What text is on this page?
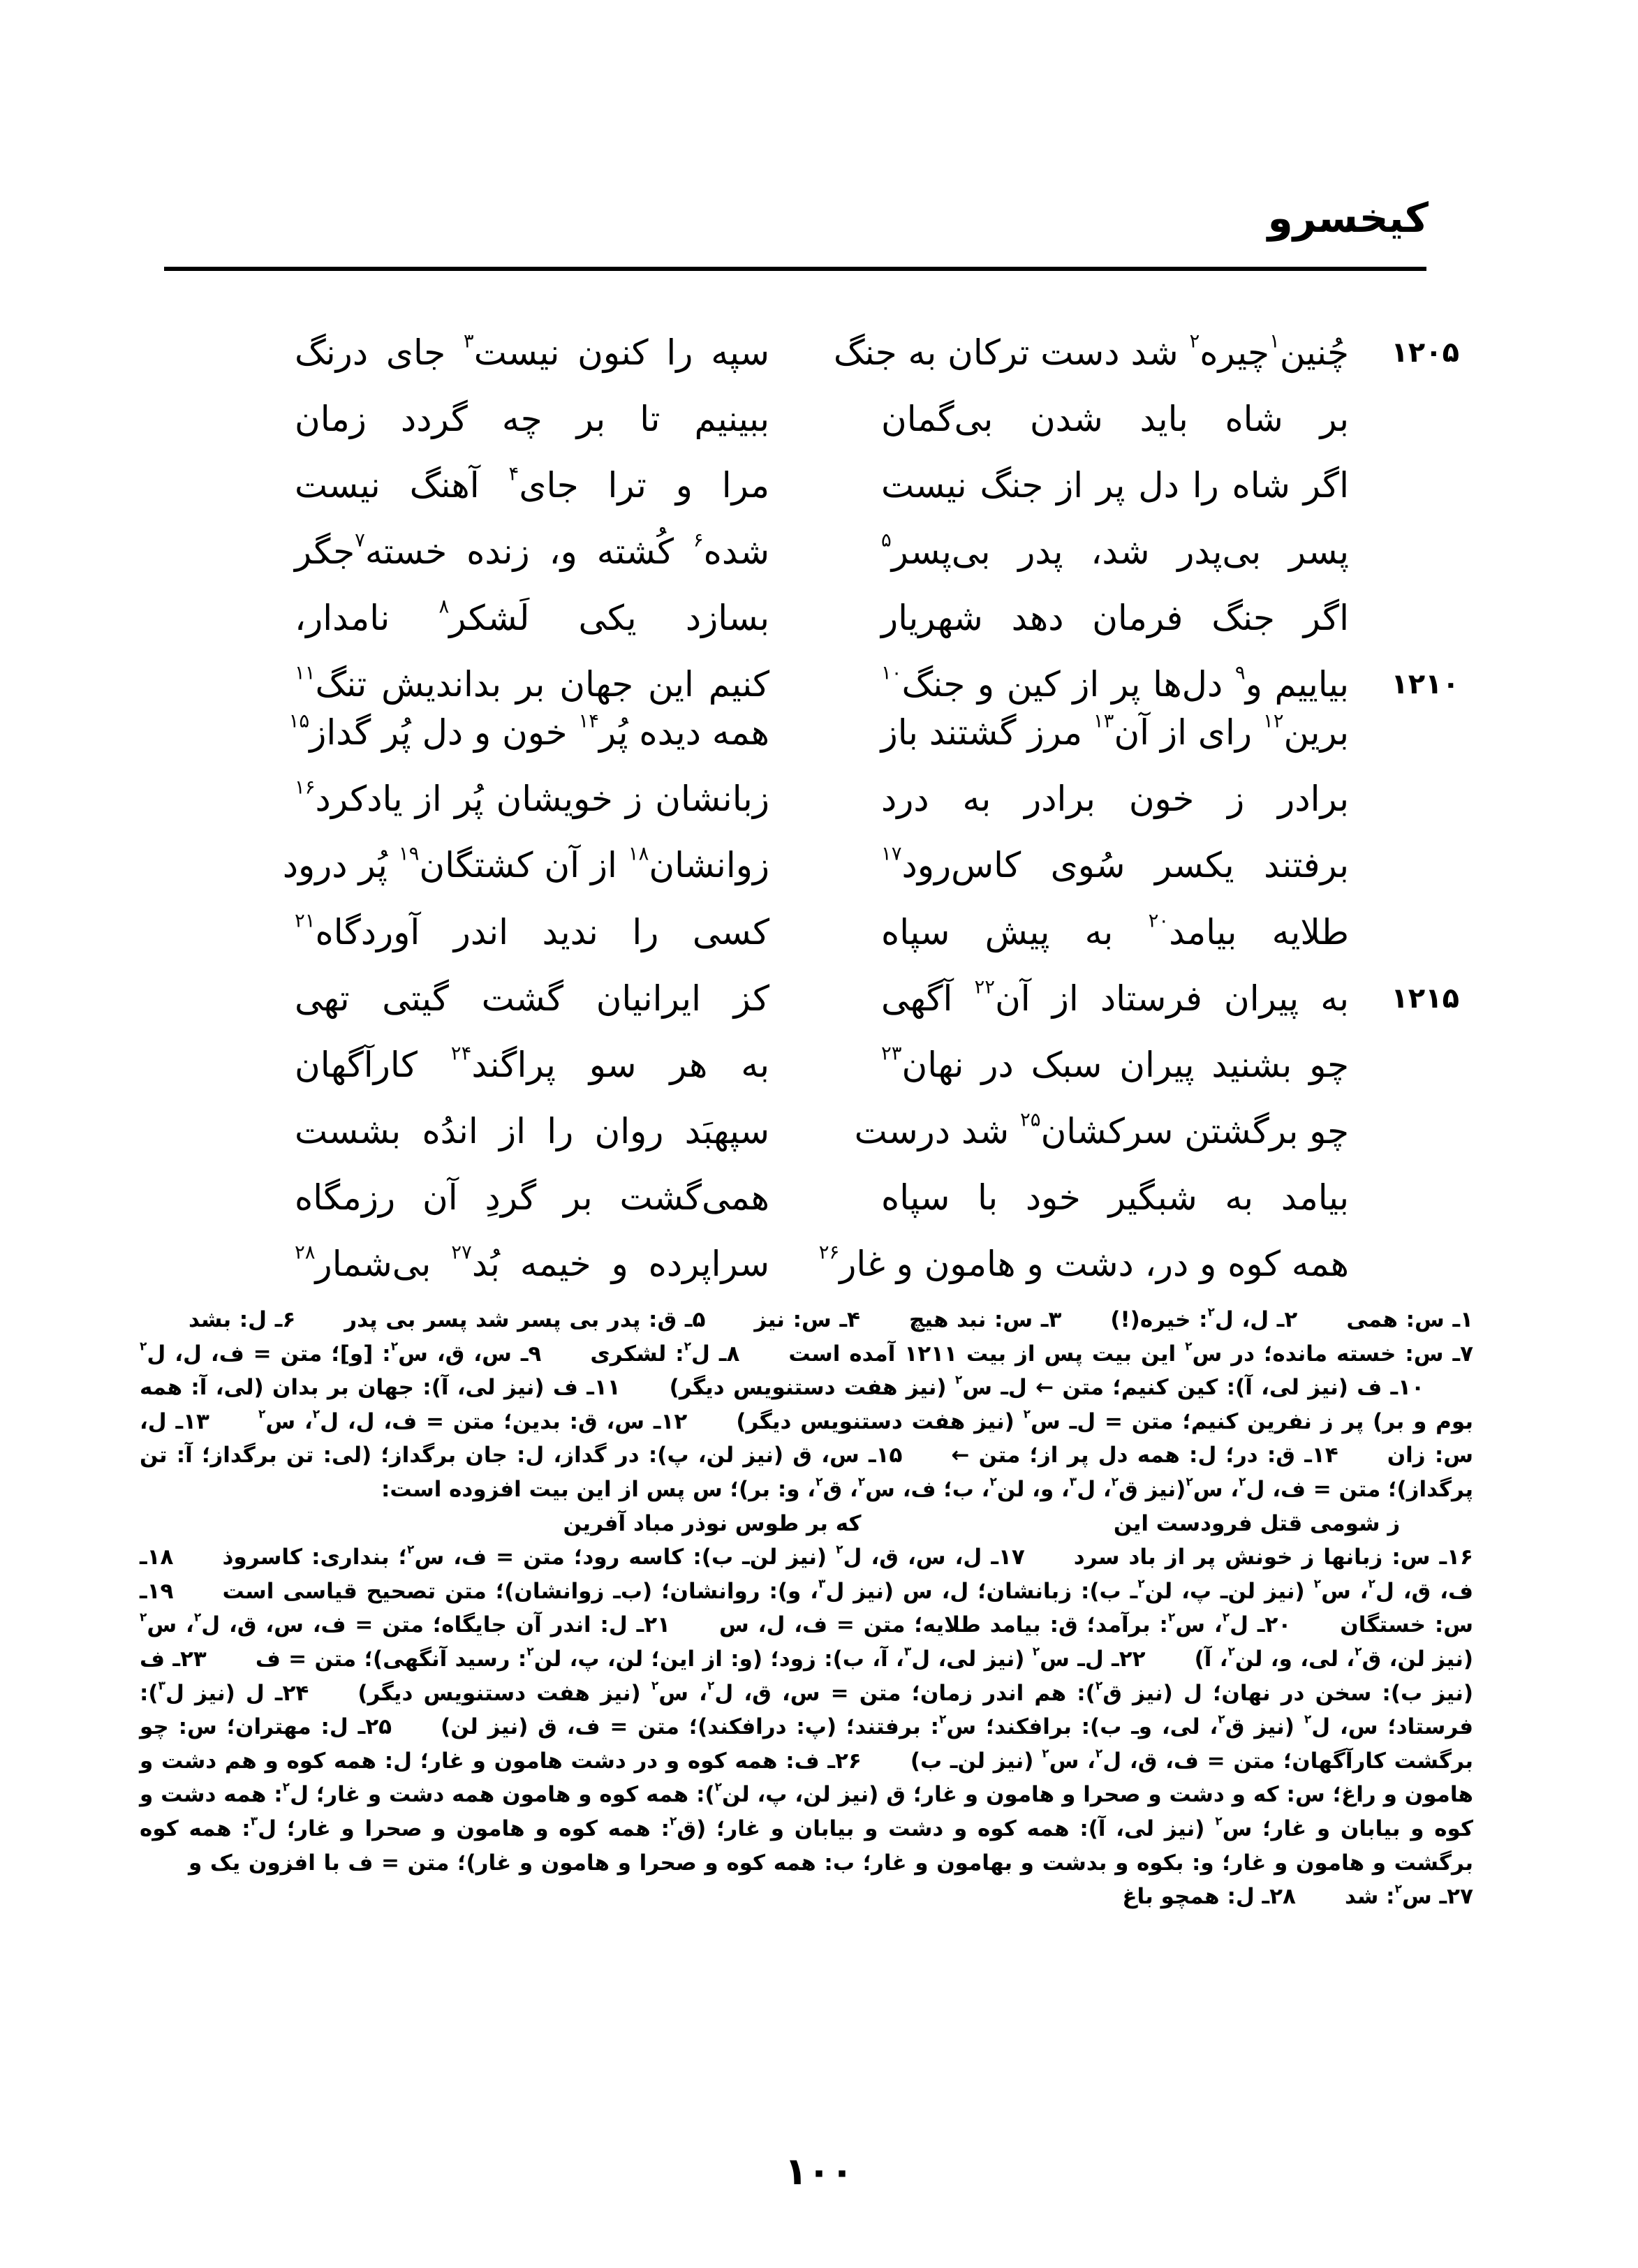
کیخسرو
۱۲۰۵
چُنین$^۱$چیره$^۲$ شد دست ترکان به جنگ
سپه را کنون نیست$^۳$ جای درنگ
بر شاه باید شدن بی‌گمان
ببینیم تا بر چه گردد زمان
اگر شاه را دل پر از جنگ نیست
مرا و ترا جای$^۴$ آهنگ نیست
پسر بی‌پدر شد، پدر بی‌پسر$^۵$
شده$^۶$ کُشته و، زنده خسته$^۷$جگر
اگر جنگ فرمان دهد شهریار
بسازد یکی لَشکر$^۸$ نامدار،
۱۲۱۰
بیاییم و$^۹$ دل‌ها پر از کین و جنگ$^{۱۰}$
کنیم این جهان بر بداندیش تنگ$^{۱۱}$
برین$^{۱۲}$ رای از آن$^{۱۳}$ مرز گشتند باز
همه دیده پُر$^{۱۴}$ خون و دل پُر گداز$^{۱۵}$
برادر ز خون برادر به درد
زبانشان ز خویشان پُر از یادکرد$^{۱۶}$
برفتند یکسر سُوی کاس‌رود$^{۱۷}$
زوانشان$^{۱۸}$ از آن کشتگان$^{۱۹}$ پُر درود
طلایه بیامد$^{۲۰}$ به پیش سپاه
کسی را ندید اندر آوردگاه$^{۲۱}$
۱۲۱۵
به پیران فرستاد از آن$^{۲۲}$ آگهی
کز ایرانیان گشت گیتی تهی
چو بشنید پیران سبک در نهان$^{۲۳}$
به هر سو پراگند$^{۲۴}$ کارآگهان
چو برگشتن سرکشان$^{۲۵}$ شد درست
سپهبَد روان را از اندُه بشست
بیامد به شبگیر خود با سپاه
همی‌گشت بر گردِ آن رزمگاه
همه کوه و در، دشت و هامون و غار$^{۲۶}$
سراپرده و خیمه بُد$^{۲۷}$ بی‌شمار$^{۲۸}$
۱ـ س: همی۲ـ ل، ل$^۲$: خیره(!)۳ـ س: نبد هیچ۴ـ س: نیز۵ـ ق: پدر بی پسر شد پسر بی پدر۶ـ ل: بشد۷ـ س: خسته مانده؛ در س$^۲$ این بیت پس از بیت ۱۲۱۱ آمده است۸ـ ل$^۲$: لشکری۹ـ س، ق، س$^۲$: [و]؛ متن = ف، ل، ل$^۲$۱۰ـ ف (نیز لی، آ): کین کنیم؛ متن ← ل‌ـ س$^۲$ (نیز هفت دستنویس دیگر)۱۱ـ ف (نیز لی، آ): جهان بر بدان (لی، آ: همه بوم و بر) پر ز نفرین کنیم؛ متن = ل‌ـ س$^۲$ (نیز هفت دستنویس دیگر)۱۲ـ س، ق: بدین؛ متن = ف، ل، ل$^۲$، س$^۲$۱۳ـ ل، س: زان۱۴ـ ق: در؛ ل: همه دل پر از؛ متن ←۱۵ـ س، ق (نیز لن، پ): در گداز، ل: جان برگداز؛ (لی: تن برگداز؛ آ: تن پرگداز)؛ متن = ف، ل$^۲$، س$^۲$(نیز ق$^۲$، ل$^۳$، و، لن$^۲$، ب؛ ف، س$^۲$، ق$^۲$، و: بر)؛ س پس از این بیت افزوده است:
ز شومی قتل فرودست اینکه بر طوس نوذر مباد آفرین
۱۶ـ س: زبانها ز خونش پر از باد سرد۱۷ـ ل، س، ق، ل$^۲$ (نیز لن‌ـ ب): کاسه رود؛ متن = ف، س$^۲$؛ بنداری: کاسروذ۱۸ـ ف، ق، ل$^۲$، س$^۲$ (نیز لن‌ـ پ، لن$^۲$‌ـ ب): زبانشان؛ ل، س (نیز ل$^۳$، و): روانشان؛ (ب‌ـ زوانشان)؛ متن تصحیح قیاسی است۱۹ـ س: خستگان۲۰ـ ل$^۲$، س$^۲$: برآمد؛ ق: بیامد طلایه؛ متن = ف، ل، س۲۱ـ ل: اندر آن جایگاه؛ متن = ف، س، ق، ل$^۲$، س$^۲$ (نیز لن، ق$^۲$، لی، و، لن$^۲$، آ)۲۲ـ ل‌ـ س$^۲$ (نیز لی، ل$^۳$، آ، ب): زود؛ (و: از این؛ لن، پ، لن$^۲$: رسید آنگهی)؛ متن = ف۲۳ـ ف (نیز ب): سخن در نهان؛ ل (نیز ق$^۲$): هم اندر زمان؛ متن = س، ق، ل$^۲$، س$^۲$ (نیز هفت دستنویس دیگر)۲۴ـ ل (نیز ل$^۳$): فرستاد؛ س، ل$^۲$ (نیز ق$^۲$، لی، و‌ـ ب): برافکند؛ س$^۲$: برفتند؛ (پ: درافکند)؛ متن = ف، ق (نیز لن)۲۵ـ ل: مهتران؛ س: چو برگشت کارآگهان؛ متن = ف، ق، ل$^۲$، س$^۲$ (نیز لن‌ـ ب)۲۶ـ ف: همه کوه و در دشت هامون و غار؛ ل: همه کوه و هم دشت و هامون و راغ؛ س: که و دشت و صحرا و هامون و غار؛ ق (نیز لن، پ، لن$^۲$): همه کوه و هامون همه دشت و غار؛ ل$^۲$: همه دشت و کوه و بیابان و غار؛ س$^۲$ (نیز لی، آ): همه کوه و دشت و بیابان و غار؛ (ق$^۲$: همه کوه و هامون و صحرا و غار؛ ل$^۳$: همه کوه برگشت و هامون و غار؛ و: بکوه و بدشت و بهامون و غار؛ ب: همه کوه و صحرا و هامون و غار)؛ متن = ف با افزون یک و۲۷ـ س$^۲$: شد۲۸ـ ل: همچو باغ
۱۰۰
